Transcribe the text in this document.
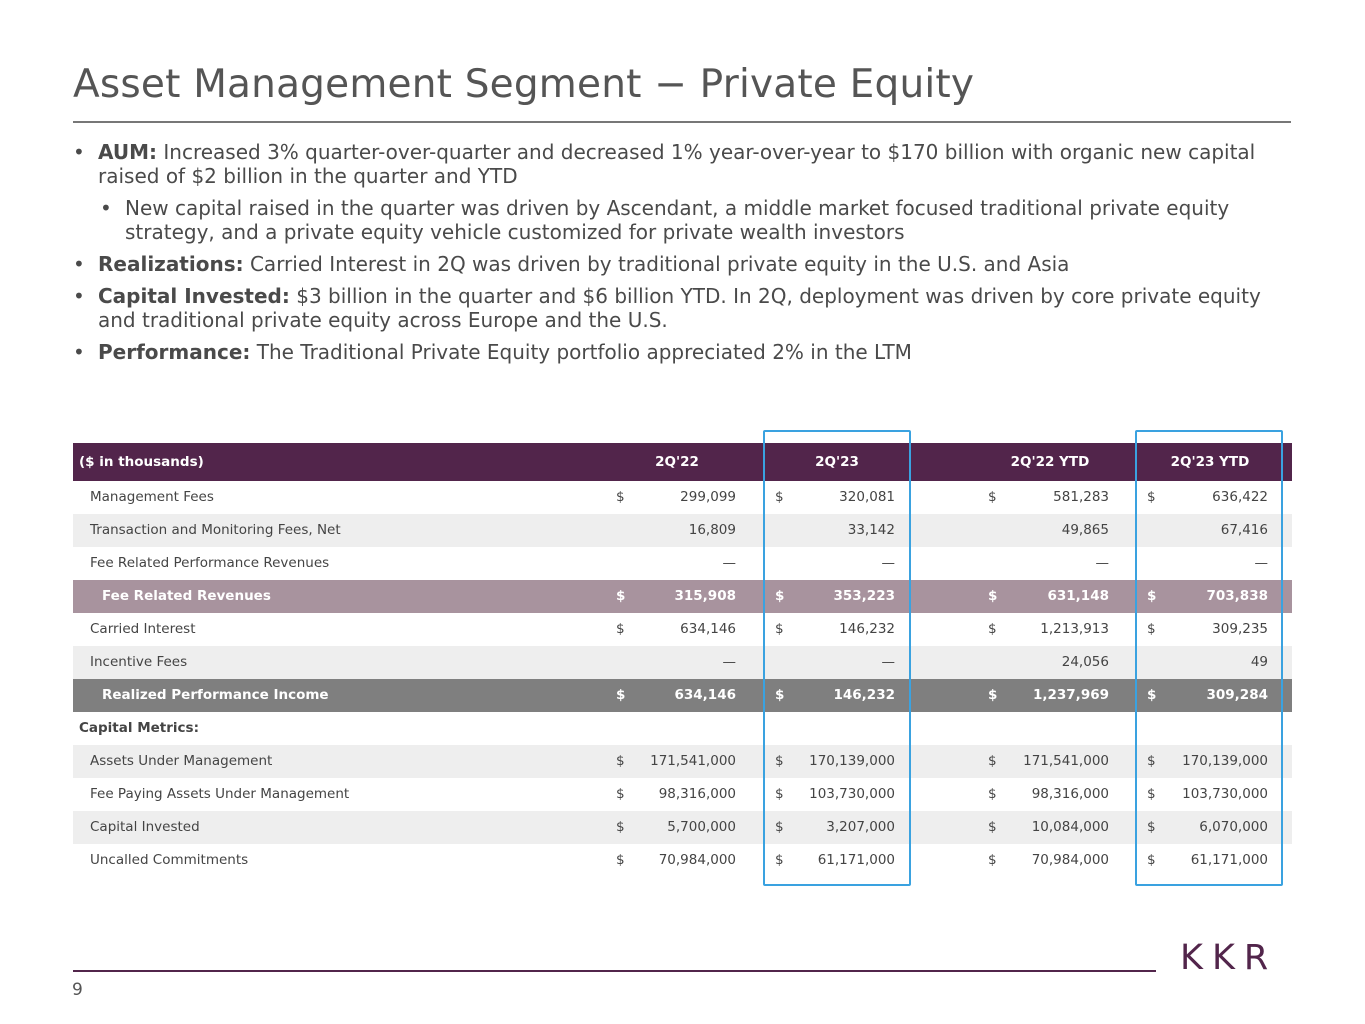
Asset Management Segment − Private Equity
• AUM: Increased 3% quarter-over-quarter and decreased 1% year-over-year to $170 billion with organic new capital raised of $2 billion in the quarter and YTD
• New capital raised in the quarter was driven by Ascendant, a middle market focused traditional private equity strategy, and a private equity vehicle customized for private wealth investors
• Realizations: Carried Interest in 2Q was driven by traditional private equity in the U.S. and Asia
• Capital Invested: $3 billion in the quarter and $6 billion YTD. In 2Q, deployment was driven by core private equity and traditional private equity across Europe and the U.S.
• Performance: The Traditional Private Equity portfolio appreciated 2% in the LTM
($ in thousands)	2Q'22	2Q'23	2Q'22 YTD	2Q'23 YTD
Management Fees	$	299,099	$	320,081	$	581,283	$	636,422
Transaction and Monitoring Fees, Net	16,809	33,142	49,865	67,416
Fee Related Performance Revenues	—	—	—	—
Fee Related Revenues	$	315,908	$	353,223	$	631,148	$	703,838
Carried Interest	$	634,146	$	146,232	$	1,213,913	$	309,235
Incentive Fees	—	—	24,056	49
Realized Performance Income	$	634,146	$	146,232	$	1,237,969	$	309,284
Capital Metrics:
Assets Under Management	$ 171,541,000	$ 170,139,000	$ 171,541,000	$ 170,139,000
Fee Paying Assets Under Management	$	98,316,000	$ 103,730,000	$	98,316,000	$ 103,730,000
Capital Invested	$	5,700,000	$	3,207,000	$	10,084,000	$	6,070,000
Uncalled Commitments	$	70,984,000	$	61,171,000	$	70,984,000	$	61,171,000
9
KKR
